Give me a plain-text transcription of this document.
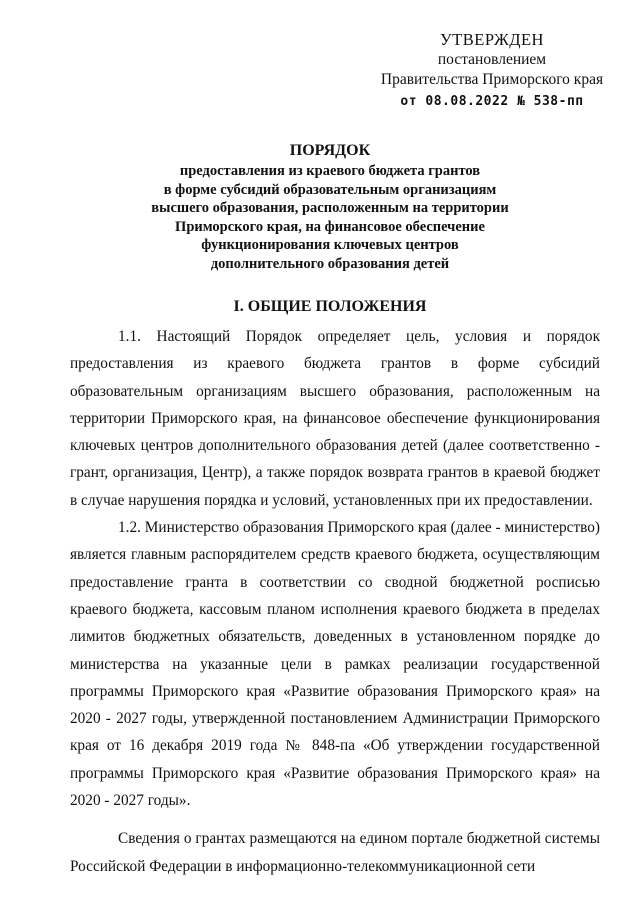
УТВЕРЖДЕН
постановлением
Правительства Приморского края
от 08.08.2022 № 538-пп
ПОРЯДОК
предоставления из краевого бюджета грантов
в форме субсидий образовательным организациям
высшего образования, расположенным на территории
Приморского края, на финансовое обеспечение
функционирования ключевых центров
дополнительного образования детей
I. ОБЩИЕ ПОЛОЖЕНИЯ

1.1. Настоящий Порядок определяет цель, условия и порядок предоставления из краевого бюджета грантов в форме субсидий образовательным организациям высшего образования, расположенным на территории Приморского края, на финансовое обеспечение функционирования ключевых центров дополнительного образования детей (далее соответственно - грант, организация, Центр), а также порядок возврата грантов в краевой бюджет в случае нарушения порядка и условий, установленных при их предоставлении.

1.2. Министерство образования Приморского края (далее - министерство) является главным распорядителем средств краевого бюджета, осуществляющим предоставление гранта в соответствии со сводной бюджетной росписью краевого бюджета, кассовым планом исполнения краевого бюджета в пределах лимитов бюджетных обязательств, доведенных в установленном порядке до министерства на указанные цели в рамках реализации государственной программы Приморского края «Развитие образования Приморского края» на 2020 - 2027 годы, утвержденной постановлением Администрации Приморского края от 16 декабря 2019 года № 848-па «Об утверждении государственной программы Приморского края «Развитие образования Приморского края» на 2020 - 2027 годы».

Сведения о грантах размещаются на едином портале бюджетной системы Российской Федерации в информационно-телекоммуникационной сети
